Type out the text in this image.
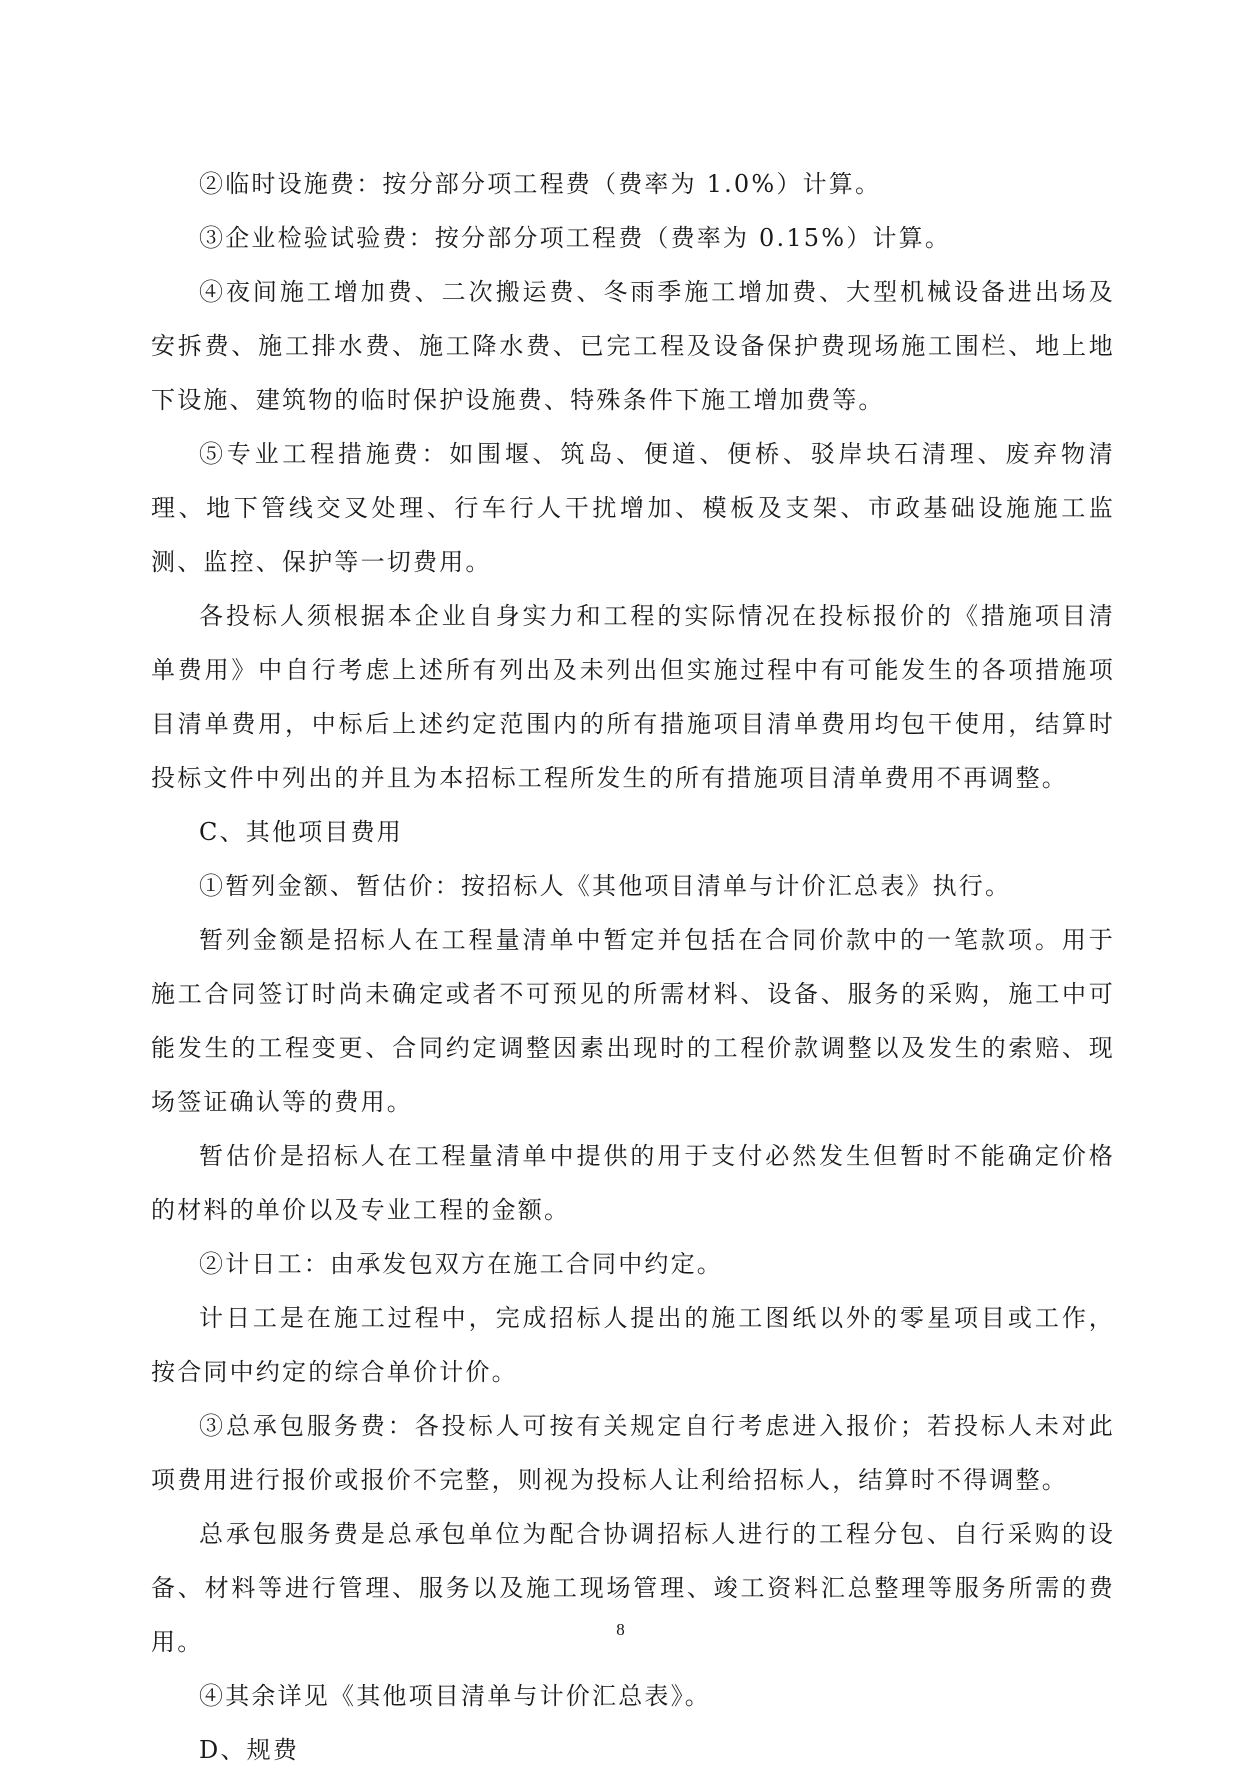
②临时设施费：按分部分项工程费（费率为 1.0%）计算。

③企业检验试验费：按分部分项工程费（费率为 0.15%）计算。

④夜间施工增加费、二次搬运费、冬雨季施工增加费、大型机械设备进出场及安拆费、施工排水费、施工降水费、已完工程及设备保护费现场施工围栏、地上地下设施、建筑物的临时保护设施费、特殊条件下施工增加费等。

⑤专业工程措施费：如围堰、筑岛、便道、便桥、驳岸块石清理、废弃物清理、地下管线交叉处理、行车行人干扰增加、模板及支架、市政基础设施施工监测、监控、保护等一切费用。

各投标人须根据本企业自身实力和工程的实际情况在投标报价的《措施项目清单费用》中自行考虑上述所有列出及未列出但实施过程中有可能发生的各项措施项目清单费用，中标后上述约定范围内的所有措施项目清单费用均包干使用，结算时投标文件中列出的并且为本招标工程所发生的所有措施项目清单费用不再调整。

C、其他项目费用

①暂列金额、暂估价：按招标人《其他项目清单与计价汇总表》执行。

暂列金额是招标人在工程量清单中暂定并包括在合同价款中的一笔款项。用于施工合同签订时尚未确定或者不可预见的所需材料、设备、服务的采购，施工中可能发生的工程变更、合同约定调整因素出现时的工程价款调整以及发生的索赔、现场签证确认等的费用。

暂估价是招标人在工程量清单中提供的用于支付必然发生但暂时不能确定价格的材料的单价以及专业工程的金额。

②计日工：由承发包双方在施工合同中约定。

计日工是在施工过程中，完成招标人提出的施工图纸以外的零星项目或工作，按合同中约定的综合单价计价。

③总承包服务费：各投标人可按有关规定自行考虑进入报价；若投标人未对此项费用进行报价或报价不完整，则视为投标人让利给招标人，结算时不得调整。

总承包服务费是总承包单位为配合协调招标人进行的工程分包、自行采购的设备、材料等进行管理、服务以及施工现场管理、竣工资料汇总整理等服务所需的费用。

④其余详见《其他项目清单与计价汇总表》。

D、规费

8
